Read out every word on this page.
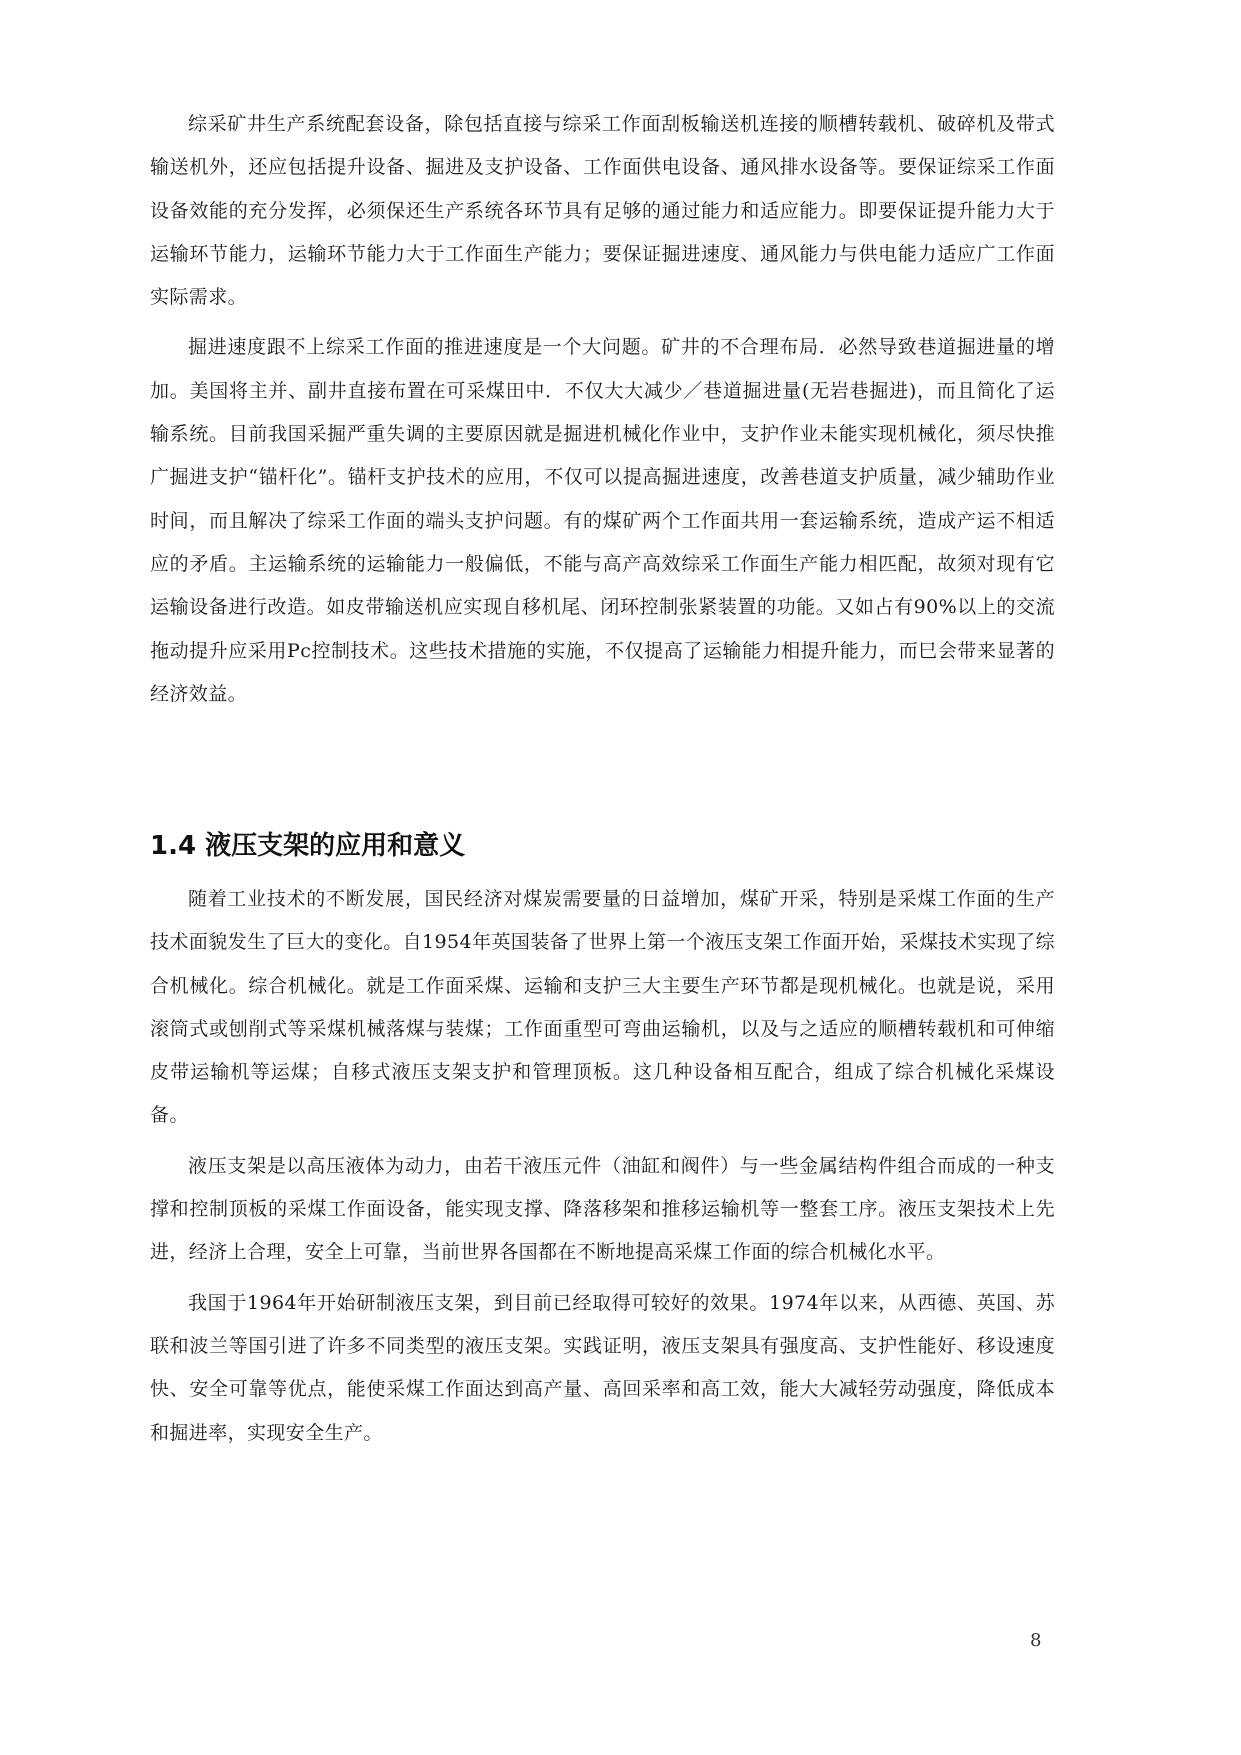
综采矿井生产系统配套设备，除包括直接与综采工作面刮板输送机连接的顺槽转载机、破碎机及带式输送机外，还应包括提升设备、掘进及支护设备、工作面供电设备、通风排水设备等。要保证综采工作面设备效能的充分发挥，必须保还生产系统各环节具有足够的通过能力和适应能力。即要保证提升能力大于运输环节能力，运输环节能力大于工作面生产能力；要保证掘进速度、通风能力与供电能力适应广工作面实际需求。

掘进速度跟不上综采工作面的推进速度是一个大问题。矿井的不合理布局．必然导致巷道掘进量的增加。美国将主并、副井直接布置在可采煤田中．不仅大大减少／巷道掘进量(无岩巷掘进)，而且简化了运输系统。目前我国采掘严重失调的主要原因就是掘进机械化作业中，支护作业未能实现机械化，须尽快推广掘进支护“锚杆化”。锚杆支护技术的应用，不仅可以提高掘进速度，改善巷道支护质量，减少辅助作业时间，而且解决了综采工作面的端头支护问题。有的煤矿两个工作面共用一套运输系统，造成产运不相适应的矛盾。主运输系统的运输能力一般偏低，不能与高产高效综采工作面生产能力相匹配，故须对现有它运输设备进行改造。如皮带输送机应实现自移机尾、闭环控制张紧装置的功能。又如占有90%以上的交流拖动提升应采用Pc控制技术。这些技术措施的实施，不仅提高了运输能力相提升能力，而巳会带来显著的经济效益。

1.4 液压支架的应用和意义

随着工业技术的不断发展，国民经济对煤炭需要量的日益增加，煤矿开采，特别是采煤工作面的生产技术面貌发生了巨大的变化。自1954年英国装备了世界上第一个液压支架工作面开始，采煤技术实现了综合机械化。综合机械化。就是工作面采煤、运输和支护三大主要生产环节都是现机械化。也就是说，采用滚筒式或刨削式等采煤机械落煤与装煤；工作面重型可弯曲运输机，以及与之适应的顺槽转载机和可伸缩皮带运输机等运煤；自移式液压支架支护和管理顶板。这几种设备相互配合，组成了综合机械化采煤设备。

液压支架是以高压液体为动力，由若干液压元件（油缸和阀件）与一些金属结构件组合而成的一种支撑和控制顶板的采煤工作面设备，能实现支撑、降落移架和推移运输机等一整套工序。液压支架技术上先进，经济上合理，安全上可靠，当前世界各国都在不断地提高采煤工作面的综合机械化水平。

我国于1964年开始研制液压支架，到目前已经取得可较好的效果。1974年以来，从西德、英国、苏联和波兰等国引进了许多不同类型的液压支架。实践证明，液压支架具有强度高、支护性能好、移设速度快、安全可靠等优点，能使采煤工作面达到高产量、高回采率和高工效，能大大减轻劳动强度，降低成本和掘进率，实现安全生产。

8
